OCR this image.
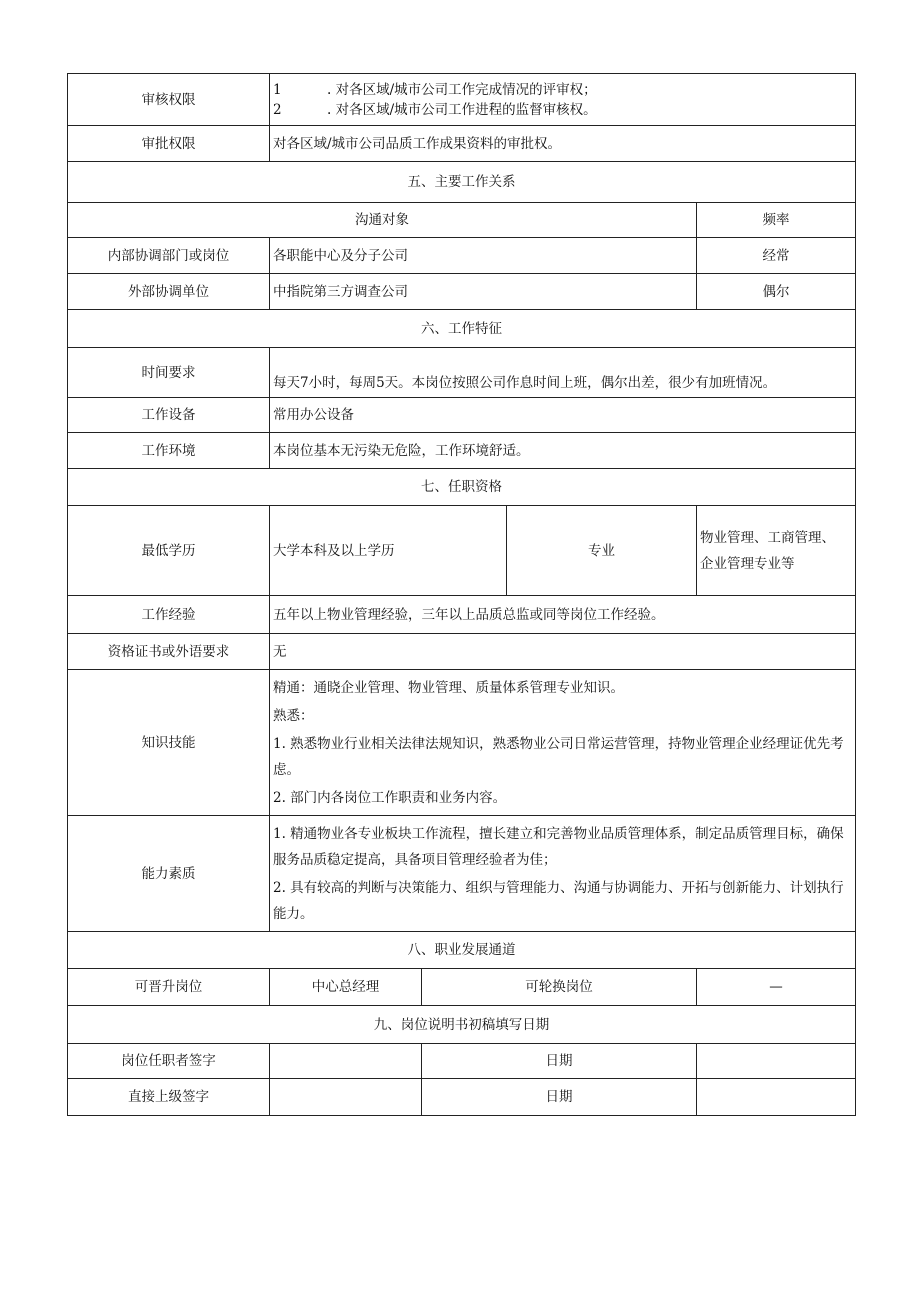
审核权限	1 . 对各区域/城市公司工作完成情况的评审权；
2 . 对各区域/城市公司工作进程的监督审核权。			

审批权限	对各区域/城市公司品质工作成果资料的审批权。			
五、主要工作关系				
沟通对象				频率
内部协调部门或岗位	各职能中心及分子公司			经常
外部协调单位	中指院第三方调查公司			偶尔
六、工作特征				
时间要求	每天7小时，每周5天。本岗位按照公司作息时间上班，偶尔出差，很少有加班情况。			
工作设备	常用办公设备			
工作环境	本岗位基本无污染无危险，工作环境舒适。			
七、任职资格				
最低学历	大学本科及以上学历		专业	物业管理、工商管理、
企业管理专业等

工作经验	五年以上物业管理经验，三年以上品质总监或同等岗位工作经验。			
资格证书或外语要求	无			
知识技能	精通：通晓企业管理、物业管理、质量体系管理专业知识。

熟悉：

1. 熟悉物业行业相关法律法规知识，熟悉物业公司日常运营管理，持物业管理企业经理证优先考虑。

2. 部门内各岗位工作职责和业务内容。			

能力素质	1. 精通物业各专业板块工作流程，擅长建立和完善物业品质管理体系，制定品质管理目标，确保服务品质稳定提高，具备项目管理经验者为佳；

2. 具有较高的判断与决策能力、组织与管理能力、沟通与协调能力、开拓与创新能力、计划执行能力。			

八、职业发展通道				
可晋升岗位	中心总经理	可轮换岗位		—
九、岗位说明书初稿填写日期				
岗位任职者签字		日期		
直接上级签字		日期		
